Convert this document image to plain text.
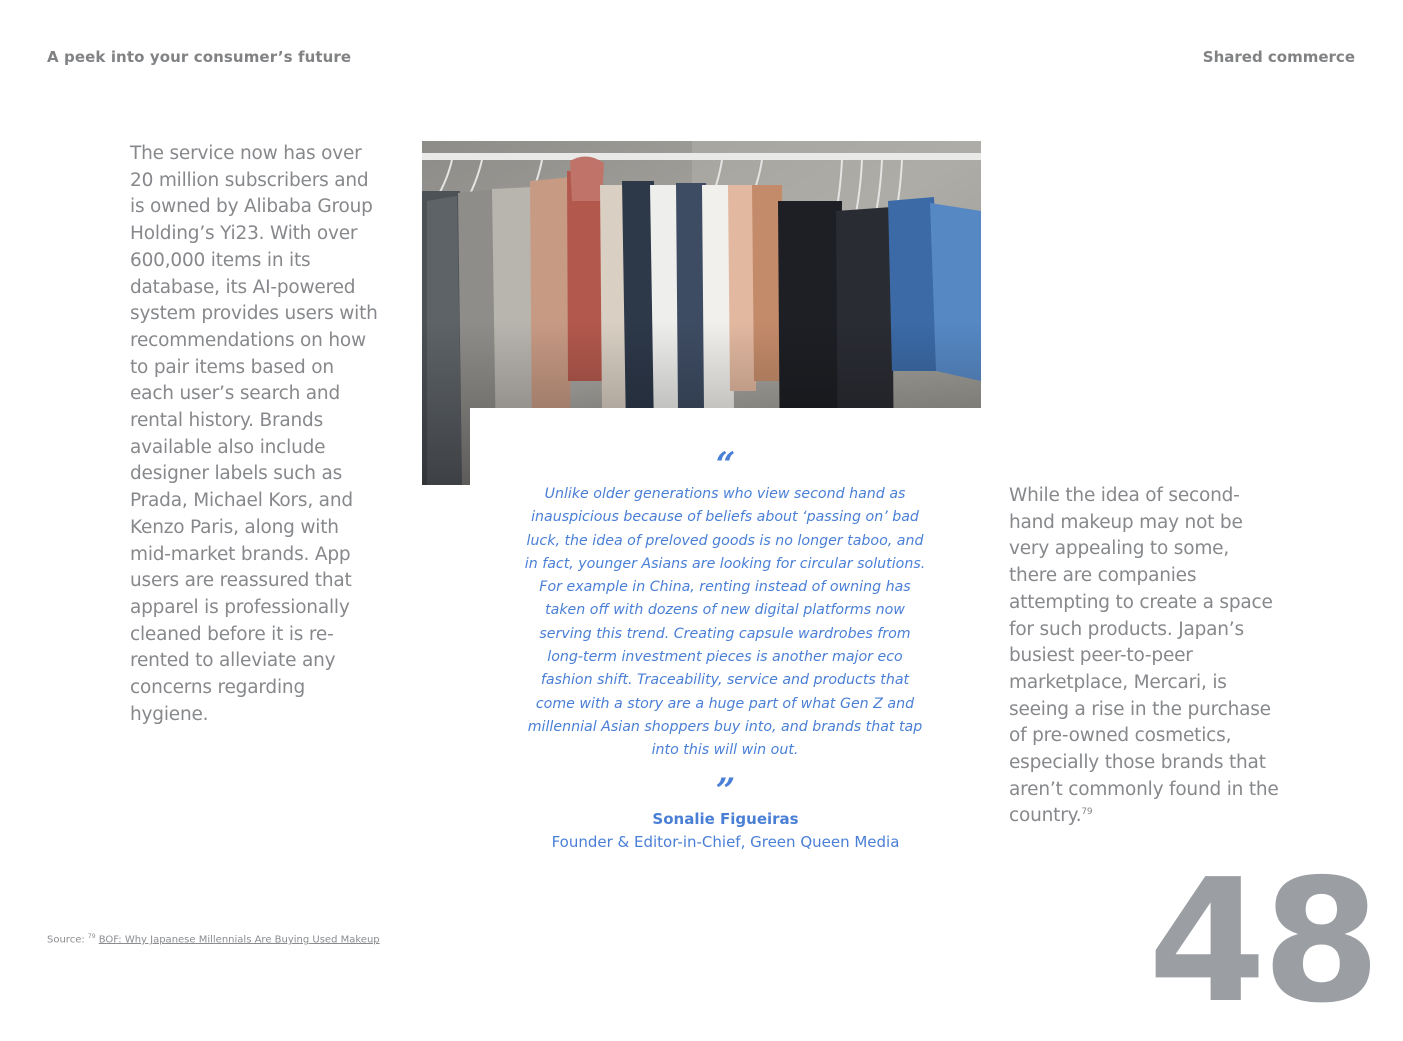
A peek into your consumer’s future	Shared commerce
The service now has over 20 million subscribers and is owned by Alibaba Group Holding’s Yi23. With over 600,000 items in its database, its AI-powered system provides users with recommendations on how to pair items based on each user’s search and rental history. Brands available also include designer labels such as Prada, Michael Kors, and Kenzo Paris, along with mid-market brands. App users are reassured that apparel is professionally cleaned before it is re-rented to alleviate any concerns regarding hygiene.
“
Unlike older generations who view second hand as inauspicious because of beliefs about ‘passing on’ bad luck, the idea of preloved goods is no longer taboo, and in fact, younger Asians are looking for circular solutions. For example in China, renting instead of owning has taken off with dozens of new digital platforms now serving this trend. Creating capsule wardrobes from long-term investment pieces is another major eco fashion shift. Traceability, service and products that come with a story are a huge part of what Gen Z and millennial Asian shoppers buy into, and brands that tap into this will win out.
”
Sonalie Figueiras
Founder & Editor-in-Chief, Green Queen Media
While the idea of second-hand makeup may not be very appealing to some, there are companies attempting to create a space for such products. Japan’s busiest peer-to-peer marketplace, Mercari, is seeing a rise in the purchase of pre-owned cosmetics, especially those brands that aren’t commonly found in the country.$^{79}$
Source: $^{79}$ BOF: Why Japanese Millennials Are Buying Used Makeup	48
